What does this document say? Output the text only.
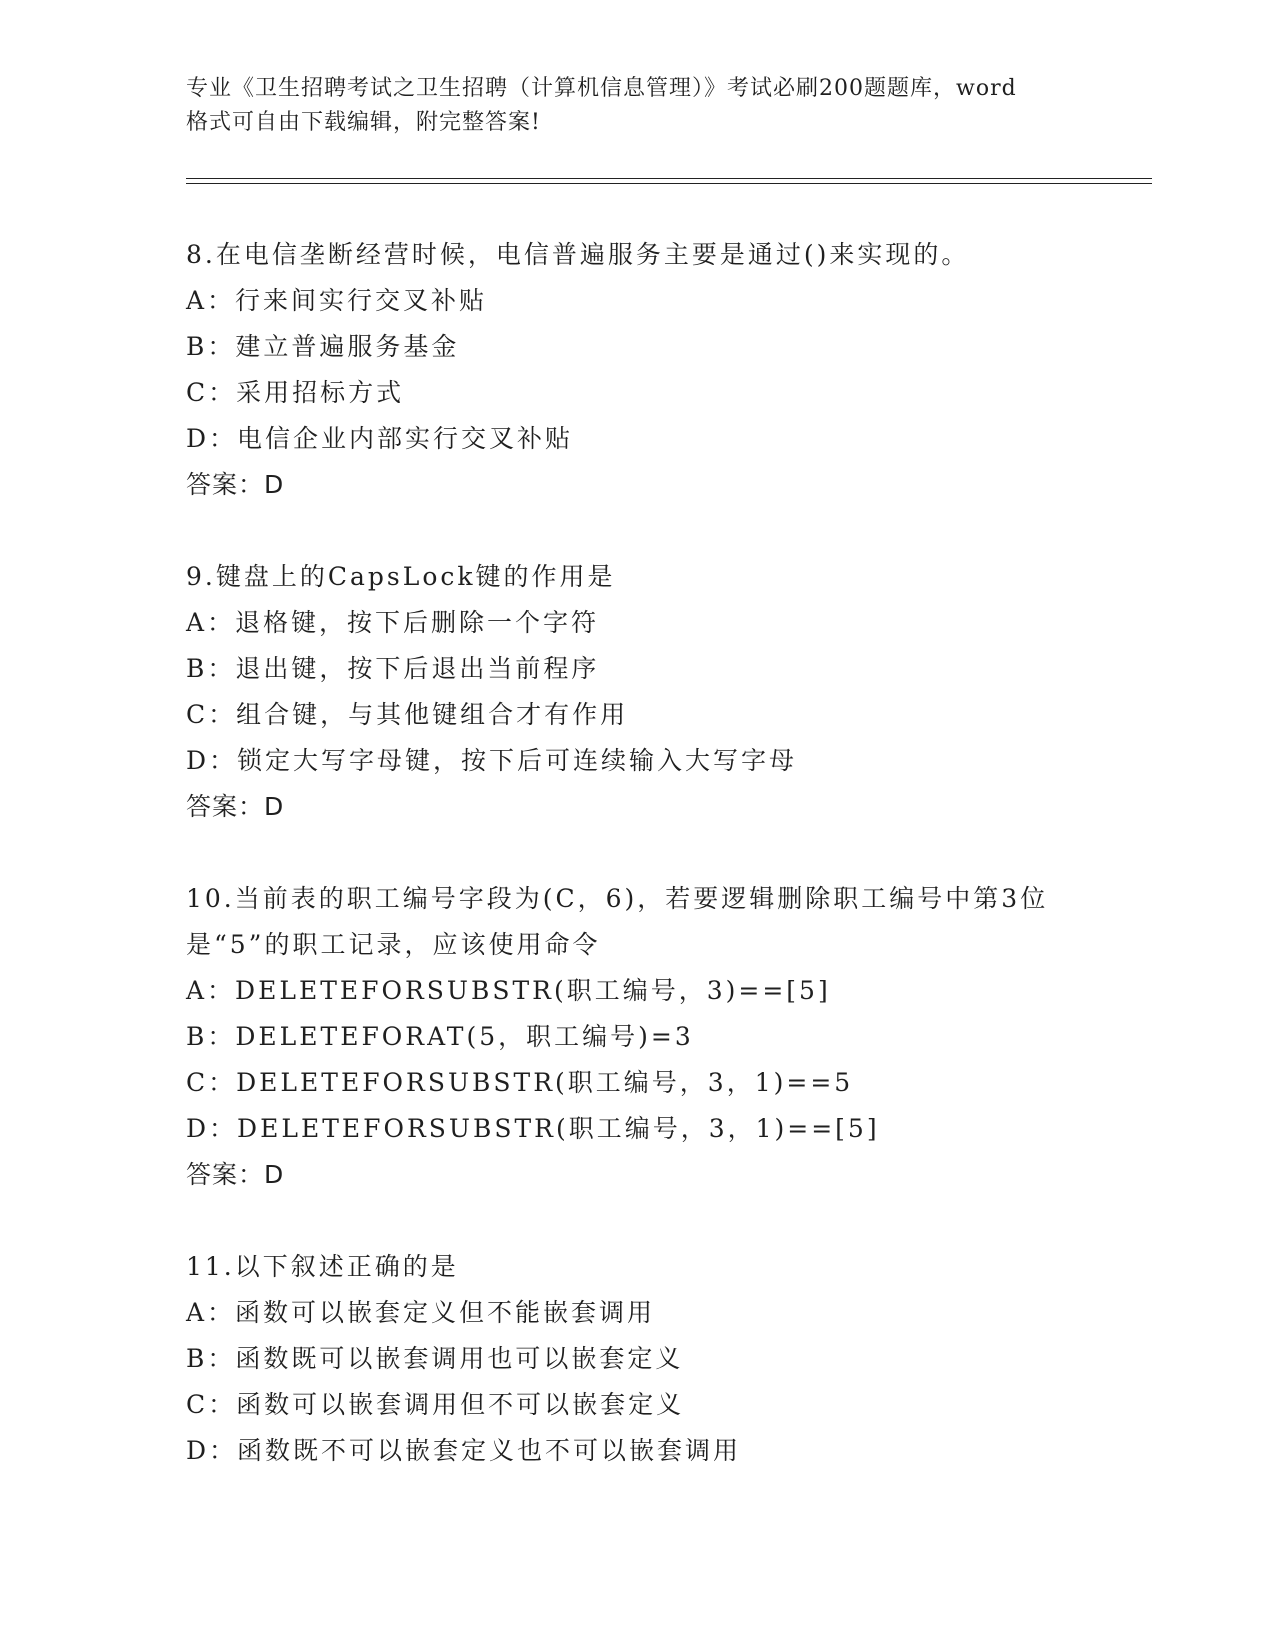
专业《卫生招聘考试之卫生招聘（计算机信息管理）》考试必刷200题题库，word
格式可自由下载编辑，附完整答案!
8.在电信垄断经营时候，电信普遍服务主要是通过()来实现的。
A：行来间实行交叉补贴
B：建立普遍服务基金
C：采用招标方式
D：电信企业内部实行交叉补贴
答案：D
9.键盘上的CapsLock键的作用是
A：退格键，按下后删除一个字符
B：退出键，按下后退出当前程序
C：组合键，与其他键组合才有作用
D：锁定大写字母键，按下后可连续输入大写字母
答案：D
10.当前表的职工编号字段为(C，6)，若要逻辑删除职工编号中第3位
是“5”的职工记录，应该使用命令
A：DELETEFORSUBSTR(职工编号，3)==[5]
B：DELETEFORAT(5，职工编号)=3
C：DELETEFORSUBSTR(职工编号，3，1)==5
D：DELETEFORSUBSTR(职工编号，3，1)==[5]
答案：D
11.以下叙述正确的是
A：函数可以嵌套定义但不能嵌套调用
B：函数既可以嵌套调用也可以嵌套定义
C：函数可以嵌套调用但不可以嵌套定义
D：函数既不可以嵌套定义也不可以嵌套调用
